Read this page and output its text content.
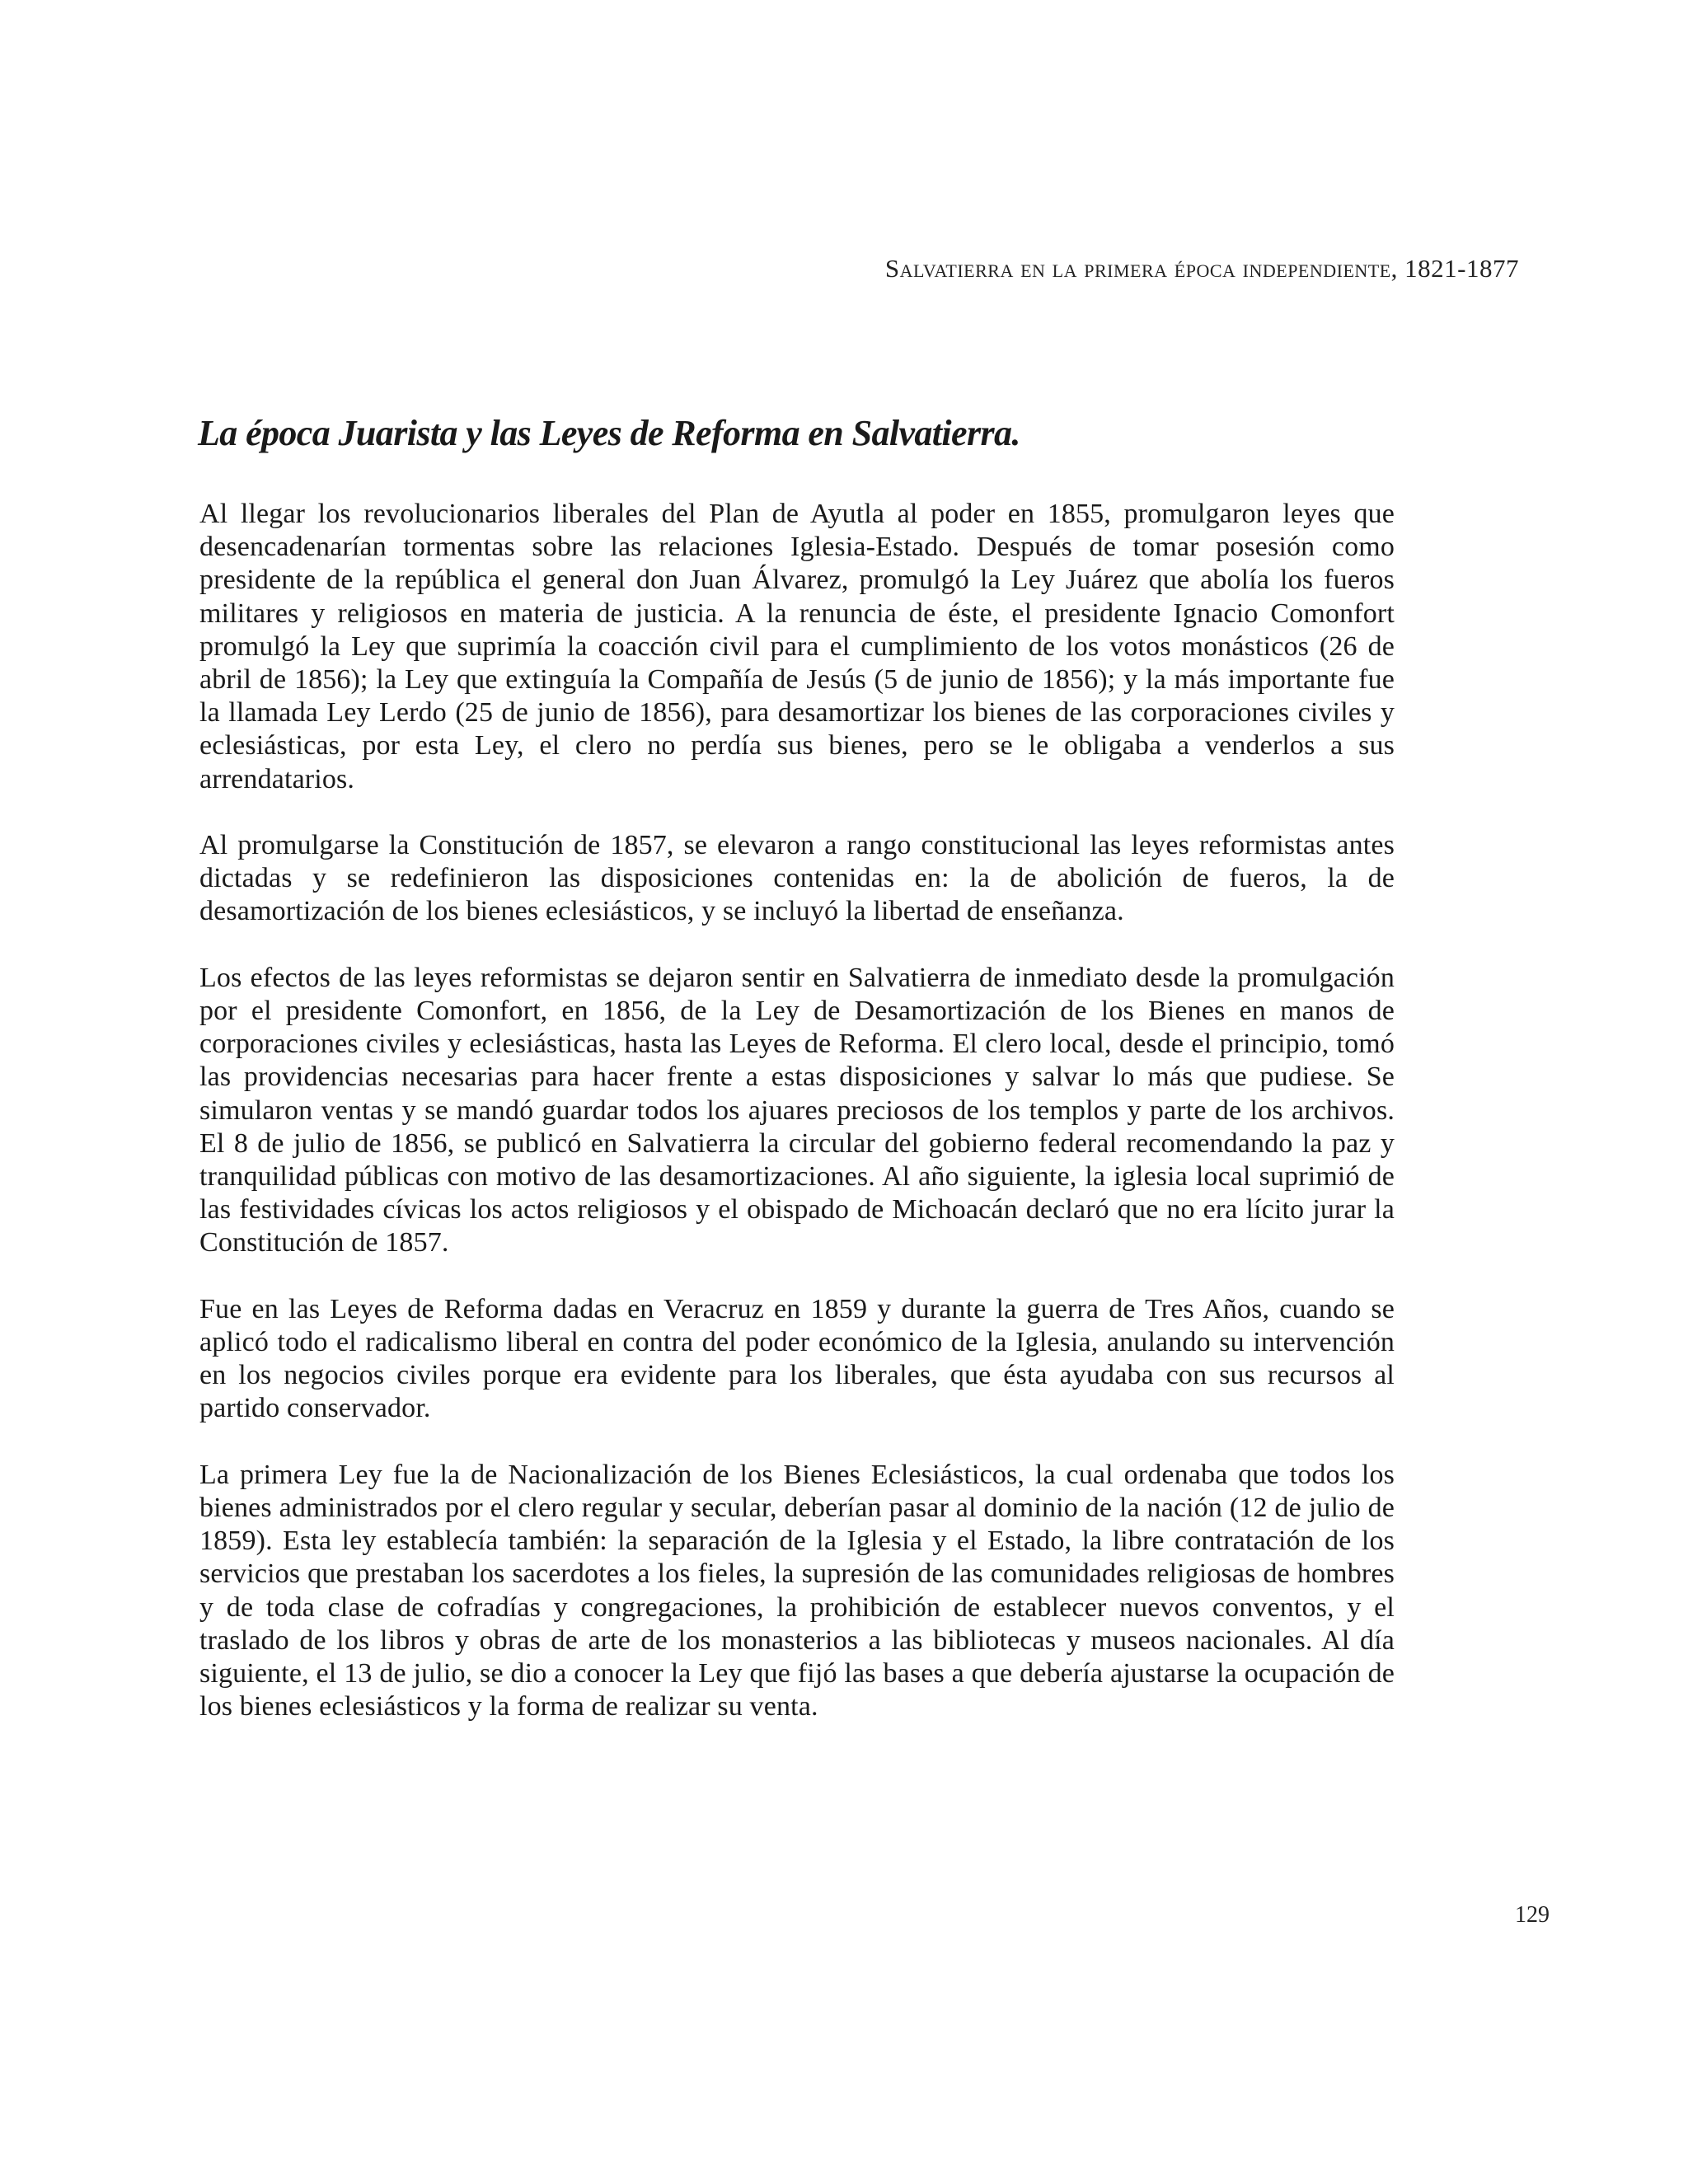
Salvatierra en la primera época independiente, 1821-1877
La época Juarista y las Leyes de Reforma en Salvatierra.

Al llegar los revolucionarios liberales del Plan de Ayutla al poder en 1855, promulgaron leyes que desencadenarían tormentas sobre las relaciones Iglesia-Estado. Después de tomar posesión como presidente de la república el general don Juan Álvarez, promulgó la Ley Juárez que abolía los fueros militares y religiosos en materia de justicia. A la renuncia de éste, el presidente Ignacio Comonfort promulgó la Ley que suprimía la coacción civil para el cumplimiento de los votos monásticos (26 de abril de 1856); la Ley que extinguía la Compañía de Jesús (5 de junio de 1856); y la más importante fue la llamada Ley Lerdo (25 de junio de 1856), para desamortizar los bienes de las corporaciones civiles y eclesiásticas, por esta Ley, el clero no perdía sus bienes, pero se le obligaba a venderlos a sus arrendatarios.

Al promulgarse la Constitución de 1857, se elevaron a rango constitucional las leyes reformistas antes dictadas y se redefinieron las disposiciones contenidas en: la de abolición de fueros, la de desamortización de los bienes eclesiásticos, y se incluyó la libertad de enseñanza.

Los efectos de las leyes reformistas se dejaron sentir en Salvatierra de inmediato desde la promulgación por el presidente Comonfort, en 1856, de la Ley de Desamortización de los Bienes en manos de corporaciones civiles y eclesiásticas, hasta las Leyes de Reforma. El clero local, desde el principio, tomó las providencias necesarias para hacer frente a estas disposiciones y salvar lo más que pudiese. Se simularon ventas y se mandó guardar todos los ajuares preciosos de los templos y parte de los archivos. El 8 de julio de 1856, se publicó en Salvatierra la circular del gobierno federal recomendando la paz y tranquilidad públicas con motivo de las desamortizaciones. Al año siguiente, la iglesia local suprimió de las festividades cívicas los actos religiosos y el obispado de Michoacán declaró que no era lícito jurar la Constitución de 1857.

Fue en las Leyes de Reforma dadas en Veracruz en 1859 y durante la guerra de Tres Años, cuando se aplicó todo el radicalismo liberal en contra del poder económico de la Iglesia, anulando su intervención en los negocios civiles porque era evidente para los liberales, que ésta ayudaba con sus recursos al partido conservador.

La primera Ley fue la de Nacionalización de los Bienes Eclesiásticos, la cual ordenaba que todos los bienes administrados por el clero regular y secular, deberían pasar al dominio de la nación (12 de julio de 1859). Esta ley establecía también: la separación de la Iglesia y el Estado, la libre contratación de los servicios que prestaban los sacerdotes a los fieles, la supresión de las comunidades religiosas de hombres y de toda clase de cofradías y congregaciones, la prohibición de establecer nuevos conventos, y el traslado de los libros y obras de arte de los monasterios a las bibliotecas y museos nacionales. Al día siguiente, el 13 de julio, se dio a conocer la Ley que fijó las bases a que debería ajustarse la ocupación de los bienes eclesiásticos y la forma de realizar su venta.

129
